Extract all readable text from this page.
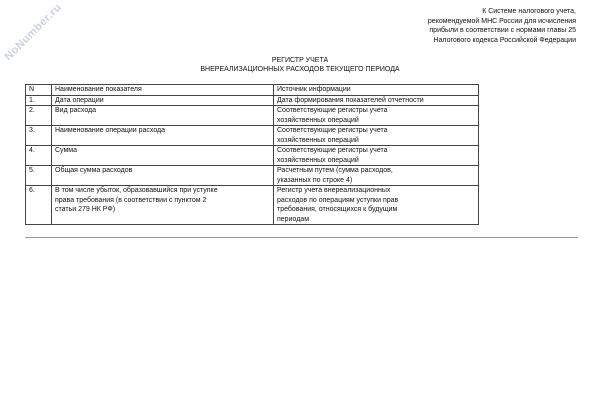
NoNumber.ru	К Системе налогового учета,
рекомендуемой МНС России для исчисления
прибыли в соответствии с нормами главы 25
Налогового кодекса Российской Федерации
РЕГИСТР УЧЕТА
ВНЕРЕАЛИЗАЦИОННЫХ РАСХОДОВ ТЕКУЩЕГО ПЕРИОДА
N	Наименование показателя	Источник информации
1.	Дата операции	Дата формирования показателей отчетности
2.	Вид расхода	Соответствующие регистры учета хозяйственных операций
3.	Наименование операции расхода	Соответствующие регистры учета хозяйственных операций
4.	Сумма	Соответствующие регистры учета хозяйственных операций
5.	Общая сумма расходов	Расчетным путем (сумма расходов, указанных по строке 4)
6.	В том числе убыток, образовавшийся при уступке права требования (в соответствии с пунктом 2 статьи 279 НК РФ)	Регистр учета внереализационных расходов по операциям уступки прав требования, относящихся к будущим периодам
